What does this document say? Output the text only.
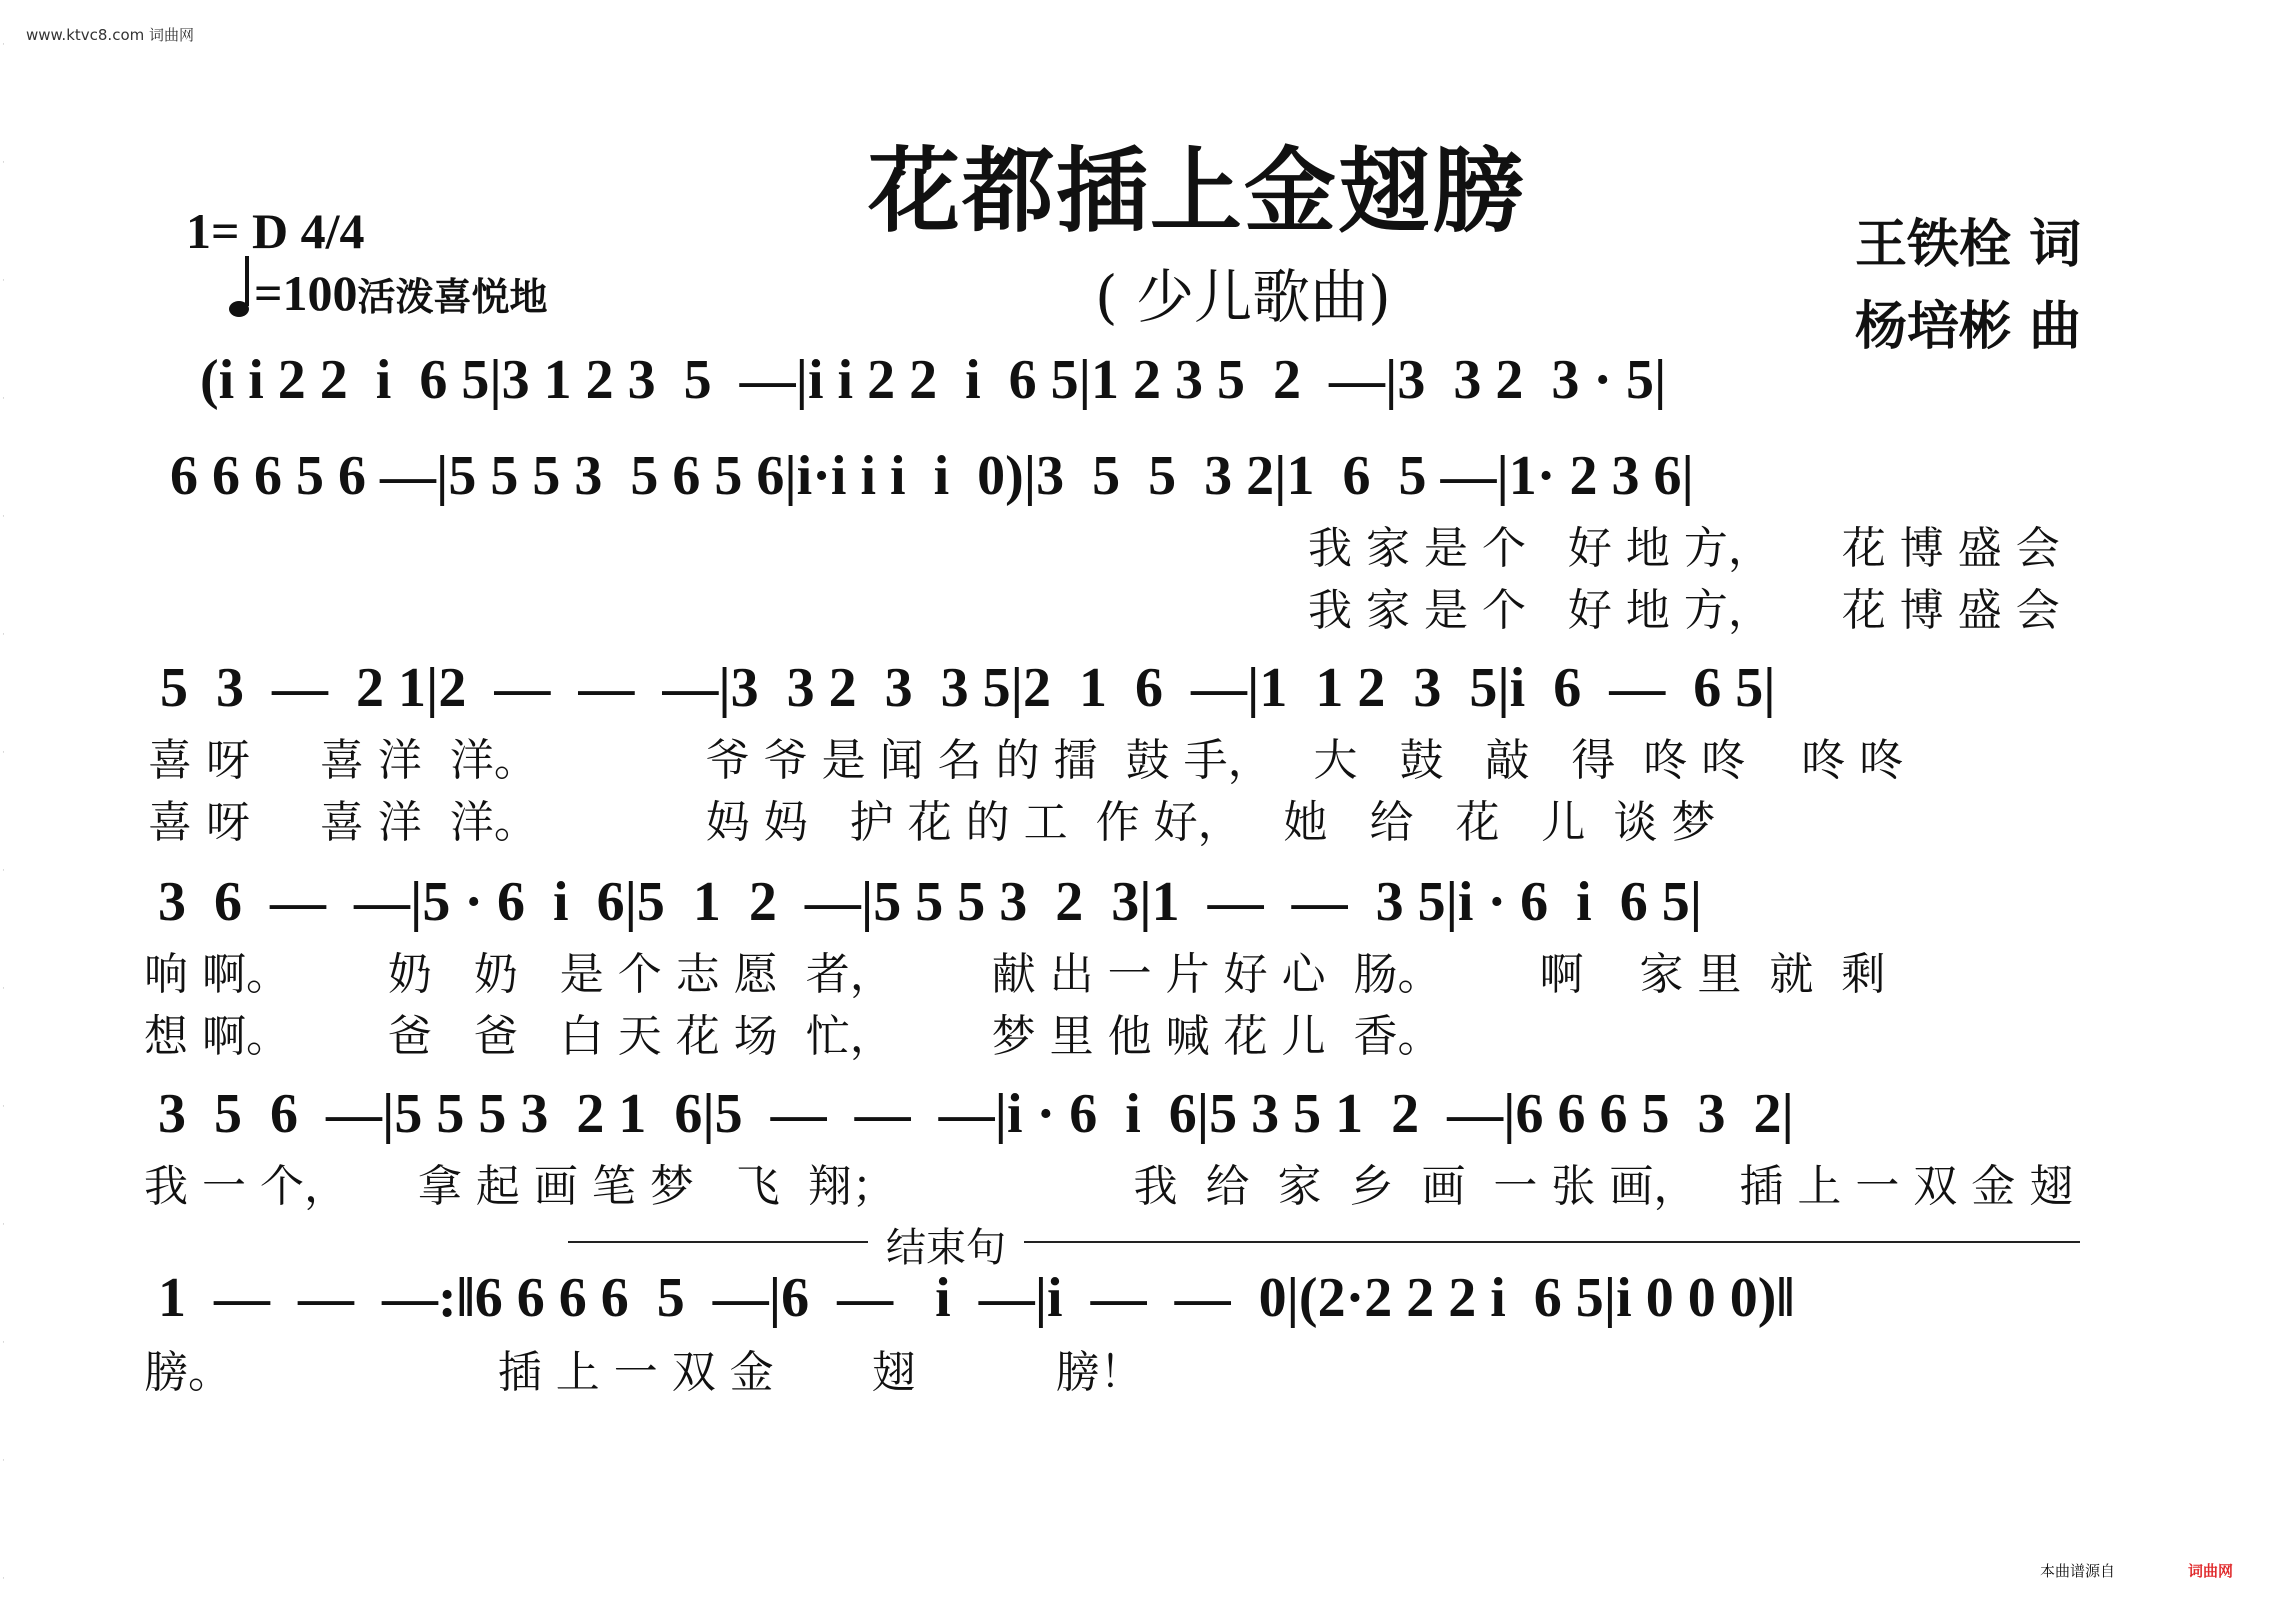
·
·
·
·
·
·
·
·
·
·
·
·
·
·
www.ktvc8.com 词曲网
花都插上金翅膀
( 少儿歌曲)
王铁栓 词
杨培彬 曲
1= D 4/4
=100活泼喜悦地
(i i 2 2  i  6 5|3 1 2 3  5  —|i i 2 2  i  6 5|1 2 3 5  2  —|3  3 2  3 · 5|
6 6 6 5 6 —|5 5 5 3  5 6 5 6|i·i i i  i  0)|3  5  5  3 2|1  6  5 —|1· 2 3 6|
我 家 是 个   好 地 方，     花 博 盛 会
我 家 是 个   好 地 方，     花 博 盛 会
5  3  —  2 1|2  —  —  —|3  3 2  3  3 5|2  1  6  —|1  1 2  3  5|i  6  —  6 5|
喜 呀     喜 洋  洋。            爷 爷 是 闻 名 的 擂  鼓 手，   大   鼓   敲   得  咚 咚    咚 咚
喜 呀     喜 洋  洋。            妈 妈   护 花 的 工  作 好，   她   给   花   儿  谈 梦
3  6  —  —|5 · 6  i  6|5  1  2  —|5 5 5 3  2  3|1  —  —  3 5|i · 6  i  6 5|
响 啊。       奶   奶   是 个 志 愿  者，       献 出 一 片 好 心  肠。       啊    家 里  就  剩
想 啊。       爸   爸   白 天 花 场  忙，       梦 里 他 喊 花 儿  香。
3  5  6  —|5 5 5 3  2 1  6|5  —  —  —|i · 6  i  6|5 3 5 1  2  —|6 6 6 5  3  2|
我 一 个，     拿 起 画 笔 梦   飞  翔；                 我  给  家  乡  画  一 张 画，   插 上 一 双 金 翅
结束句
1  —  —  —:‖6 6 6 6  5  —|6  —   i  —|i  —  —  0|(2·2 2 2 i  6 5|i 0 0 0)‖
膀。                   插 上 一 双 金       翅          膀！
本曲谱源自	词曲网
